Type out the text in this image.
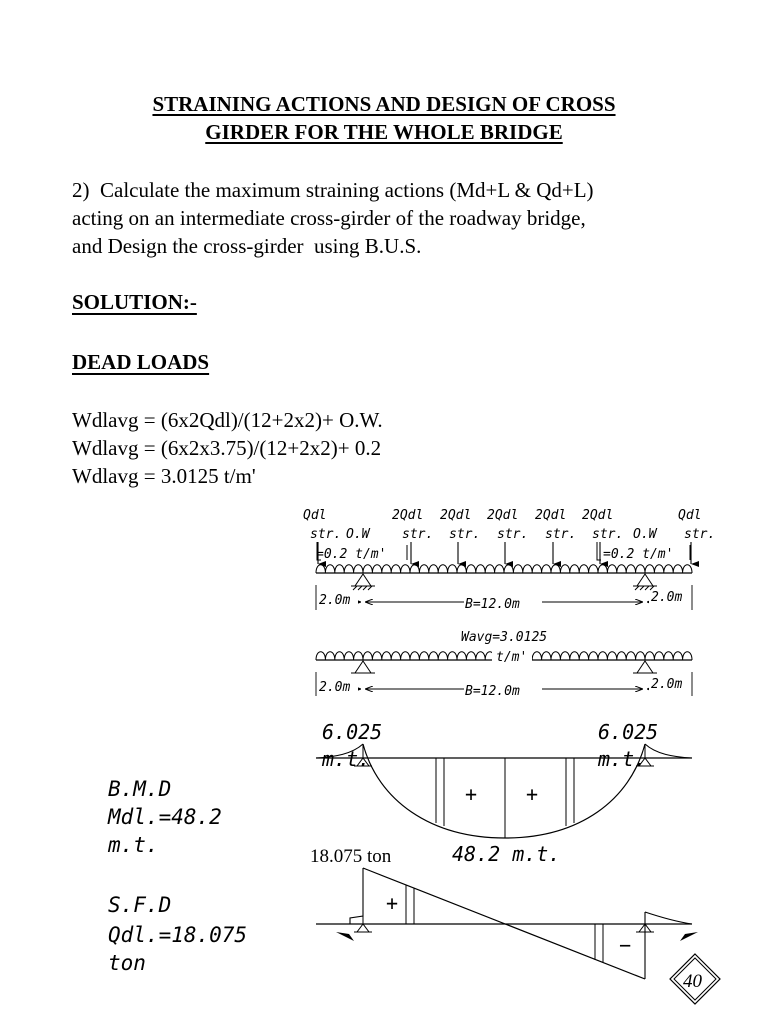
STRAINING ACTIONS AND DESIGN OF CROSS
GIRDER FOR THE WHOLE BRIDGE
2)  Calculate the maximum straining actions (Md+L & Qd+L)
acting on an intermediate cross-girder of the roadway bridge,
and Design the cross-girder  using B.U.S.
SOLUTION:-
DEAD LOADS
Wdlavg = (6x2Qdl)/(12+2x2)+ O.W.
Wdlavg = (6x2x3.75)/(12+2x2)+ 0.2
Wdlavg = 3.0125 t/m'
B.M.D
Mdl.=48.2
m.t.
S.F.D
Qdl.=18.075
ton
Qdl
str. O.W
=0.2 t/m'
2Qdl
str.
2Qdl
str.
2Qdl
str.
2Qdl
str.
2Qdl
str. O.W
Qdl
str.
=0.2 t/m'
2.0m	B=12.0m	2.0m
Wavg=3.0125
t/m'
2.0m	B=12.0m	2.0m
6.025
m.t.
6.025
m.t.
+ +
48.2 m.t.
18.075 ton
+
−
40
